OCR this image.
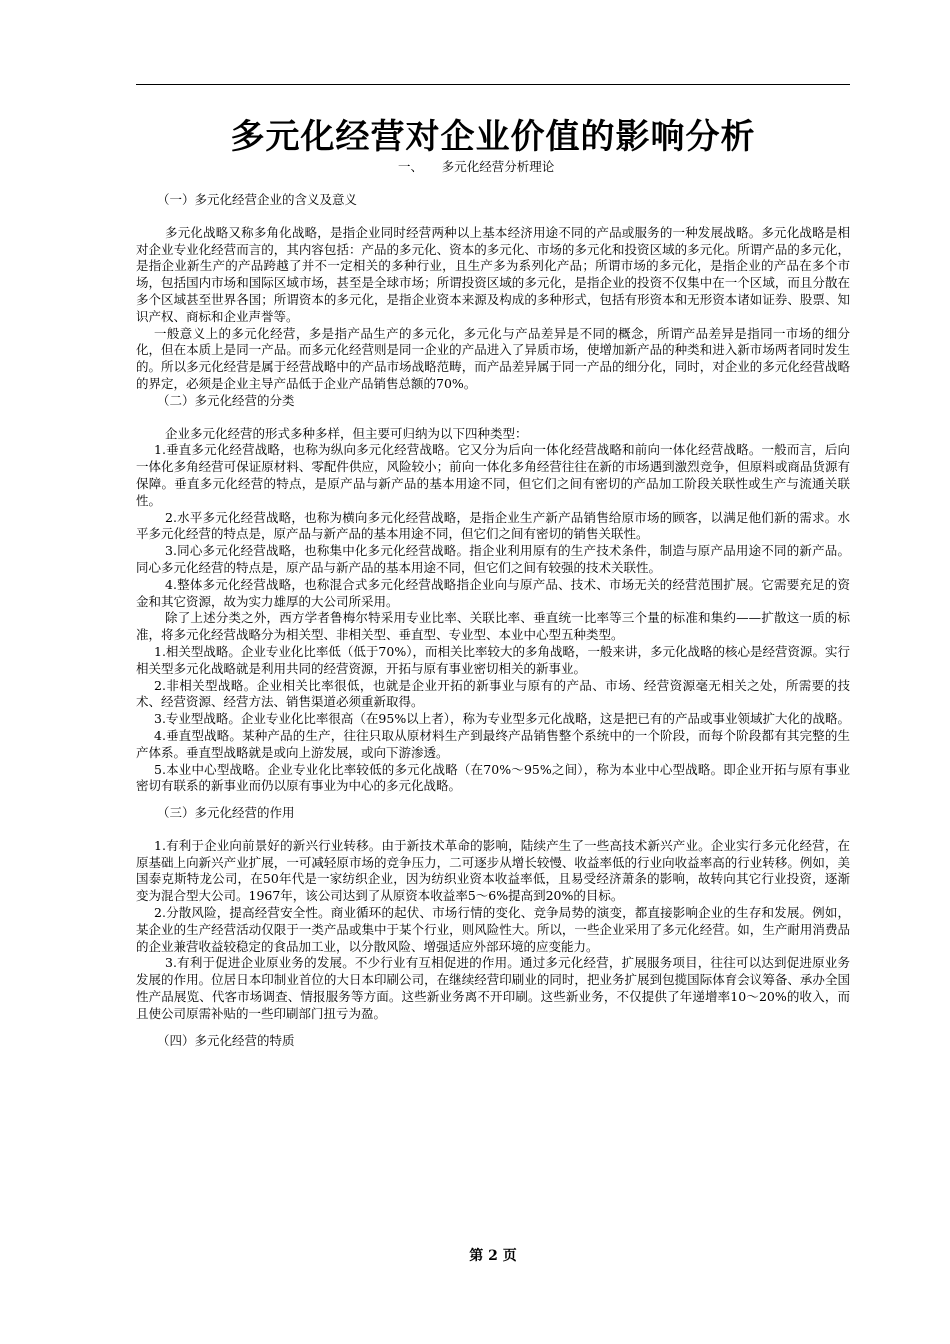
多元化经营对企业价值的影响分析
一、　　多元化经营分析理论

（一）多元化经营企业的含义及意义

多元化战略又称多角化战略，是指企业同时经营两种以上基本经济用途不同的产品或服务的一种发展战略。多元化战略是相对企业专业化经营而言的，其内容包括：产品的多元化、资本的多元化、市场的多元化和投资区域的多元化。所谓产品的多元化，是指企业新生产的产品跨越了并不一定相关的多种行业，且生产多为系列化产品；所谓市场的多元化，是指企业的产品在多个市场，包括国内市场和国际区域市场，甚至是全球市场；所谓投资区域的多元化，是指企业的投资不仅集中在一个区域，而且分散在多个区域甚至世界各国；所谓资本的多元化，是指企业资本来源及构成的多种形式，包括有形资本和无形资本诸如证券、股票、知识产权、商标和企业声誉等。

一般意义上的多元化经营，多是指产品生产的多元化，多元化与产品差异是不同的概念，所谓产品差异是指同一市场的细分化，但在本质上是同一产品。而多元化经营则是同一企业的产品进入了异质市场，使增加新产品的种类和进入新市场两者同时发生的。所以多元化经营是属于经营战略中的产品市场战略范畴，而产品差异属于同一产品的细分化，同时，对企业的多元化经营战略的界定，必须是企业主导产品低于企业产品销售总额的70%。

（二）多元化经营的分类

企业多元化经营的形式多种多样，但主要可归纳为以下四种类型：

1.垂直多元化经营战略，也称为纵向多元化经营战略。它又分为后向一体化经营战略和前向一体化经营战略。一般而言，后向一体化多角经营可保证原材料、零配件供应，风险较小；前向一体化多角经营往往在新的市场遇到激烈竞争，但原料或商品货源有保障。垂直多元化经营的特点，是原产品与新产品的基本用途不同，但它们之间有密切的产品加工阶段关联性或生产与流通关联性。

2.水平多元化经营战略，也称为横向多元化经营战略，是指企业生产新产品销售给原市场的顾客，以满足他们新的需求。水平多元化经营的特点是，原产品与新产品的基本用途不同，但它们之间有密切的销售关联性。

3.同心多元化经营战略，也称集中化多元化经营战略。指企业利用原有的生产技术条件，制造与原产品用途不同的新产品。同心多元化经营的特点是，原产品与新产品的基本用途不同，但它们之间有较强的技术关联性。

4.整体多元化经营战略，也称混合式多元化经营战略指企业向与原产品、技术、市场无关的经营范围扩展。它需要充足的资金和其它资源，故为实力雄厚的大公司所采用。

除了上述分类之外，西方学者鲁梅尔特采用专业比率、关联比率、垂直统一比率等三个量的标准和集约——扩散这一质的标准，将多元化经营战略分为相关型、非相关型、垂直型、专业型、本业中心型五种类型。

1.相关型战略。企业专业化比率低（低于70%），而相关比率较大的多角战略，一般来讲，多元化战略的核心是经营资源。实行相关型多元化战略就是利用共同的经营资源，开拓与原有事业密切相关的新事业。

2.非相关型战略。企业相关比率很低，也就是企业开拓的新事业与原有的产品、市场、经营资源毫无相关之处，所需要的技术、经营资源、经营方法、销售渠道必须重新取得。

3.专业型战略。企业专业化比率很高（在95%以上者），称为专业型多元化战略，这是把已有的产品或事业领域扩大化的战略。

4.垂直型战略。某种产品的生产，往往只取从原材料生产到最终产品销售整个系统中的一个阶段，而每个阶段都有其完整的生产体系。垂直型战略就是或向上游发展，或向下游渗透。

5.本业中心型战略。企业专业化比率较低的多元化战略（在70%～95%之间），称为本业中心型战略。即企业开拓与原有事业密切有联系的新事业而仍以原有事业为中心的多元化战略。

（三）多元化经营的作用

1.有利于企业向前景好的新兴行业转移。由于新技术革命的影响，陆续产生了一些高技术新兴产业。企业实行多元化经营，在原基础上向新兴产业扩展，一可减轻原市场的竞争压力，二可逐步从增长较慢、收益率低的行业向收益率高的行业转移。例如，美国泰克斯特龙公司，在50年代是一家纺织企业，因为纺织业资本收益率低，且易受经济萧条的影响，故转向其它行业投资，逐渐变为混合型大公司。1967年，该公司达到了从原资本收益率5～6%提高到20%的目标。

2.分散风险，提高经营安全性。商业循环的起伏、市场行情的变化、竞争局势的演变，都直接影响企业的生存和发展。例如，某企业的生产经营活动仅限于一类产品或集中于某个行业，则风险性大。所以，一些企业采用了多元化经营。如，生产耐用消费品的企业兼营收益较稳定的食品加工业，以分散风险、增强适应外部环境的应变能力。

3.有利于促进企业原业务的发展。不少行业有互相促进的作用。通过多元化经营，扩展服务项目，往往可以达到促进原业务发展的作用。位居日本印制业首位的大日本印刷公司，在继续经营印刷业的同时，把业务扩展到包揽国际体育会议筹备、承办全国性产品展览、代客市场调查、情报服务等方面。这些新业务离不开印刷。这些新业务，不仅提供了年递增率10～20%的收入，而且使公司原需补贴的一些印刷部门扭亏为盈。

（四）多元化经营的特质

第 2 页
